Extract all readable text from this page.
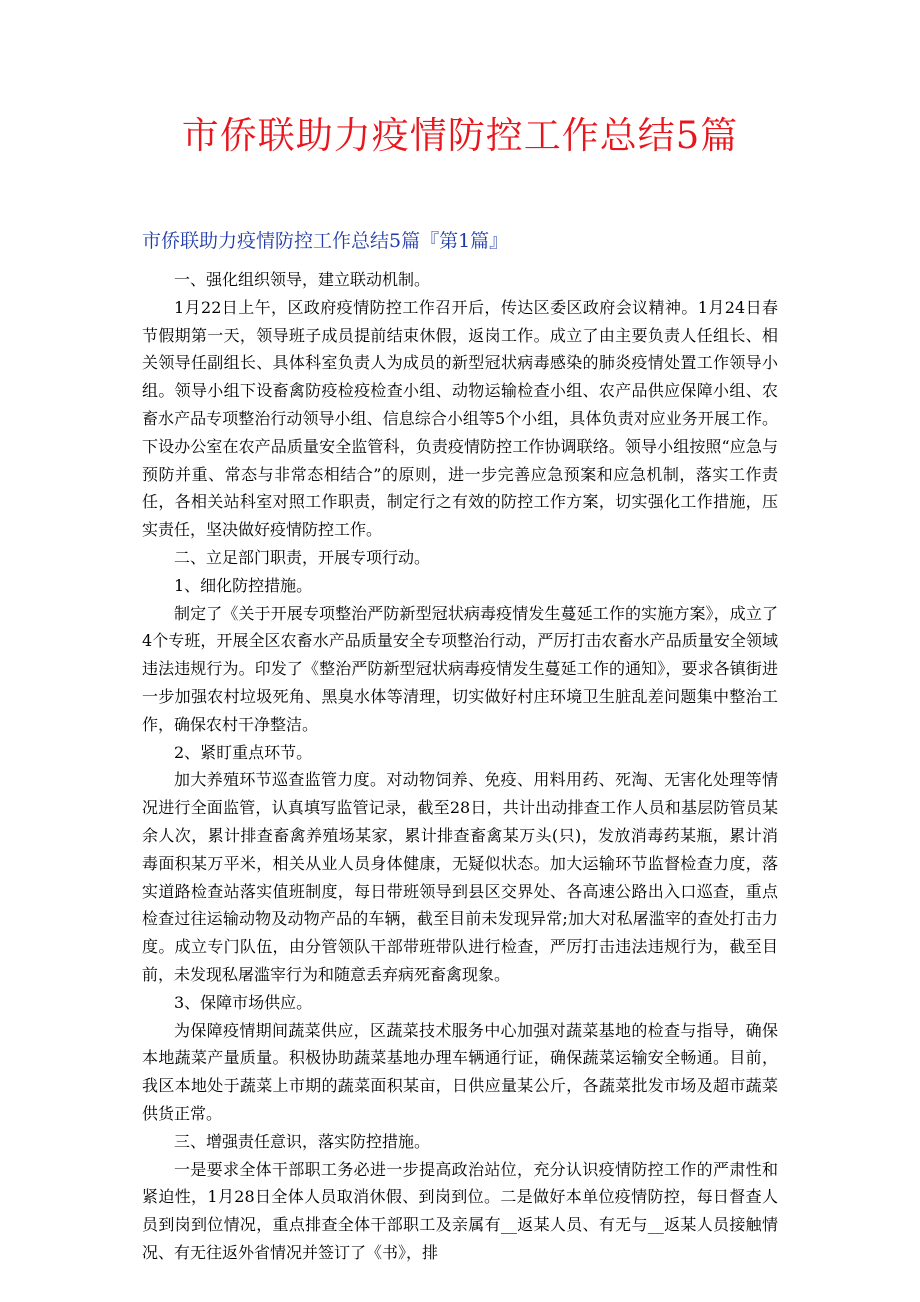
市侨联助力疫情防控工作总结5篇
市侨联助力疫情防控工作总结5篇『第1篇』

一、强化组织领导，建立联动机制。

1月22日上午，区政府疫情防控工作召开后，传达区委区政府会议精神。1月24日春节假期第一天，领导班子成员提前结束休假，返岗工作。成立了由主要负责人任组长、相关领导任副组长、具体科室负责人为成员的新型冠状病毒感染的肺炎疫情处置工作领导小组。领导小组下设畜禽防疫检疫检查小组、动物运输检查小组、农产品供应保障小组、农畜水产品专项整治行动领导小组、信息综合小组等5个小组，具体负责对应业务开展工作。下设办公室在农产品质量安全监管科，负责疫情防控工作协调联络。领导小组按照“应急与预防并重、常态与非常态相结合”的原则，进一步完善应急预案和应急机制，落实工作责任，各相关站科室对照工作职责，制定行之有效的防控工作方案，切实强化工作措施，压实责任，坚决做好疫情防控工作。

二、立足部门职责，开展专项行动。

1、细化防控措施。

制定了《关于开展专项整治严防新型冠状病毒疫情发生蔓延工作的实施方案》，成立了4个专班，开展全区农畜水产品质量安全专项整治行动，严厉打击农畜水产品质量安全领域违法违规行为。印发了《整治严防新型冠状病毒疫情发生蔓延工作的通知》，要求各镇街进一步加强农村垃圾死角、黑臭水体等清理，切实做好村庄环境卫生脏乱差问题集中整治工作，确保农村干净整洁。

2、紧盯重点环节。

加大养殖环节巡查监管力度。对动物饲养、免疫、用料用药、死淘、无害化处理等情况进行全面监管，认真填写监管记录，截至28日，共计出动排查工作人员和基层防管员某余人次，累计排查畜禽养殖场某家，累计排查畜禽某万头(只)，发放消毒药某瓶，累计消毒面积某万平米，相关从业人员身体健康，无疑似状态。加大运输环节监督检查力度，落实道路检查站落实值班制度，每日带班领导到县区交界处、各高速公路出入口巡查，重点检查过往运输动物及动物产品的车辆，截至目前未发现异常;加大对私屠滥宰的查处打击力度。成立专门队伍，由分管领队干部带班带队进行检查，严厉打击违法违规行为，截至目前，未发现私屠滥宰行为和随意丢弃病死畜禽现象。

3、保障市场供应。

为保障疫情期间蔬菜供应，区蔬菜技术服务中心加强对蔬菜基地的检查与指导，确保本地蔬菜产量质量。积极协助蔬菜基地办理车辆通行证，确保蔬菜运输安全畅通。目前，我区本地处于蔬菜上市期的蔬菜面积某亩，日供应量某公斤，各蔬菜批发市场及超市蔬菜供货正常。

三、增强责任意识，落实防控措施。

一是要求全体干部职工务必进一步提高政治站位，充分认识疫情防控工作的严肃性和紧迫性，1月28日全体人员取消休假、到岗到位。二是做好本单位疫情防控，每日督查人员到岗到位情况，重点排查全体干部职工及亲属有__返某人员、有无与__返某人员接触情况、有无往返外省情况并签订了《书》，排
